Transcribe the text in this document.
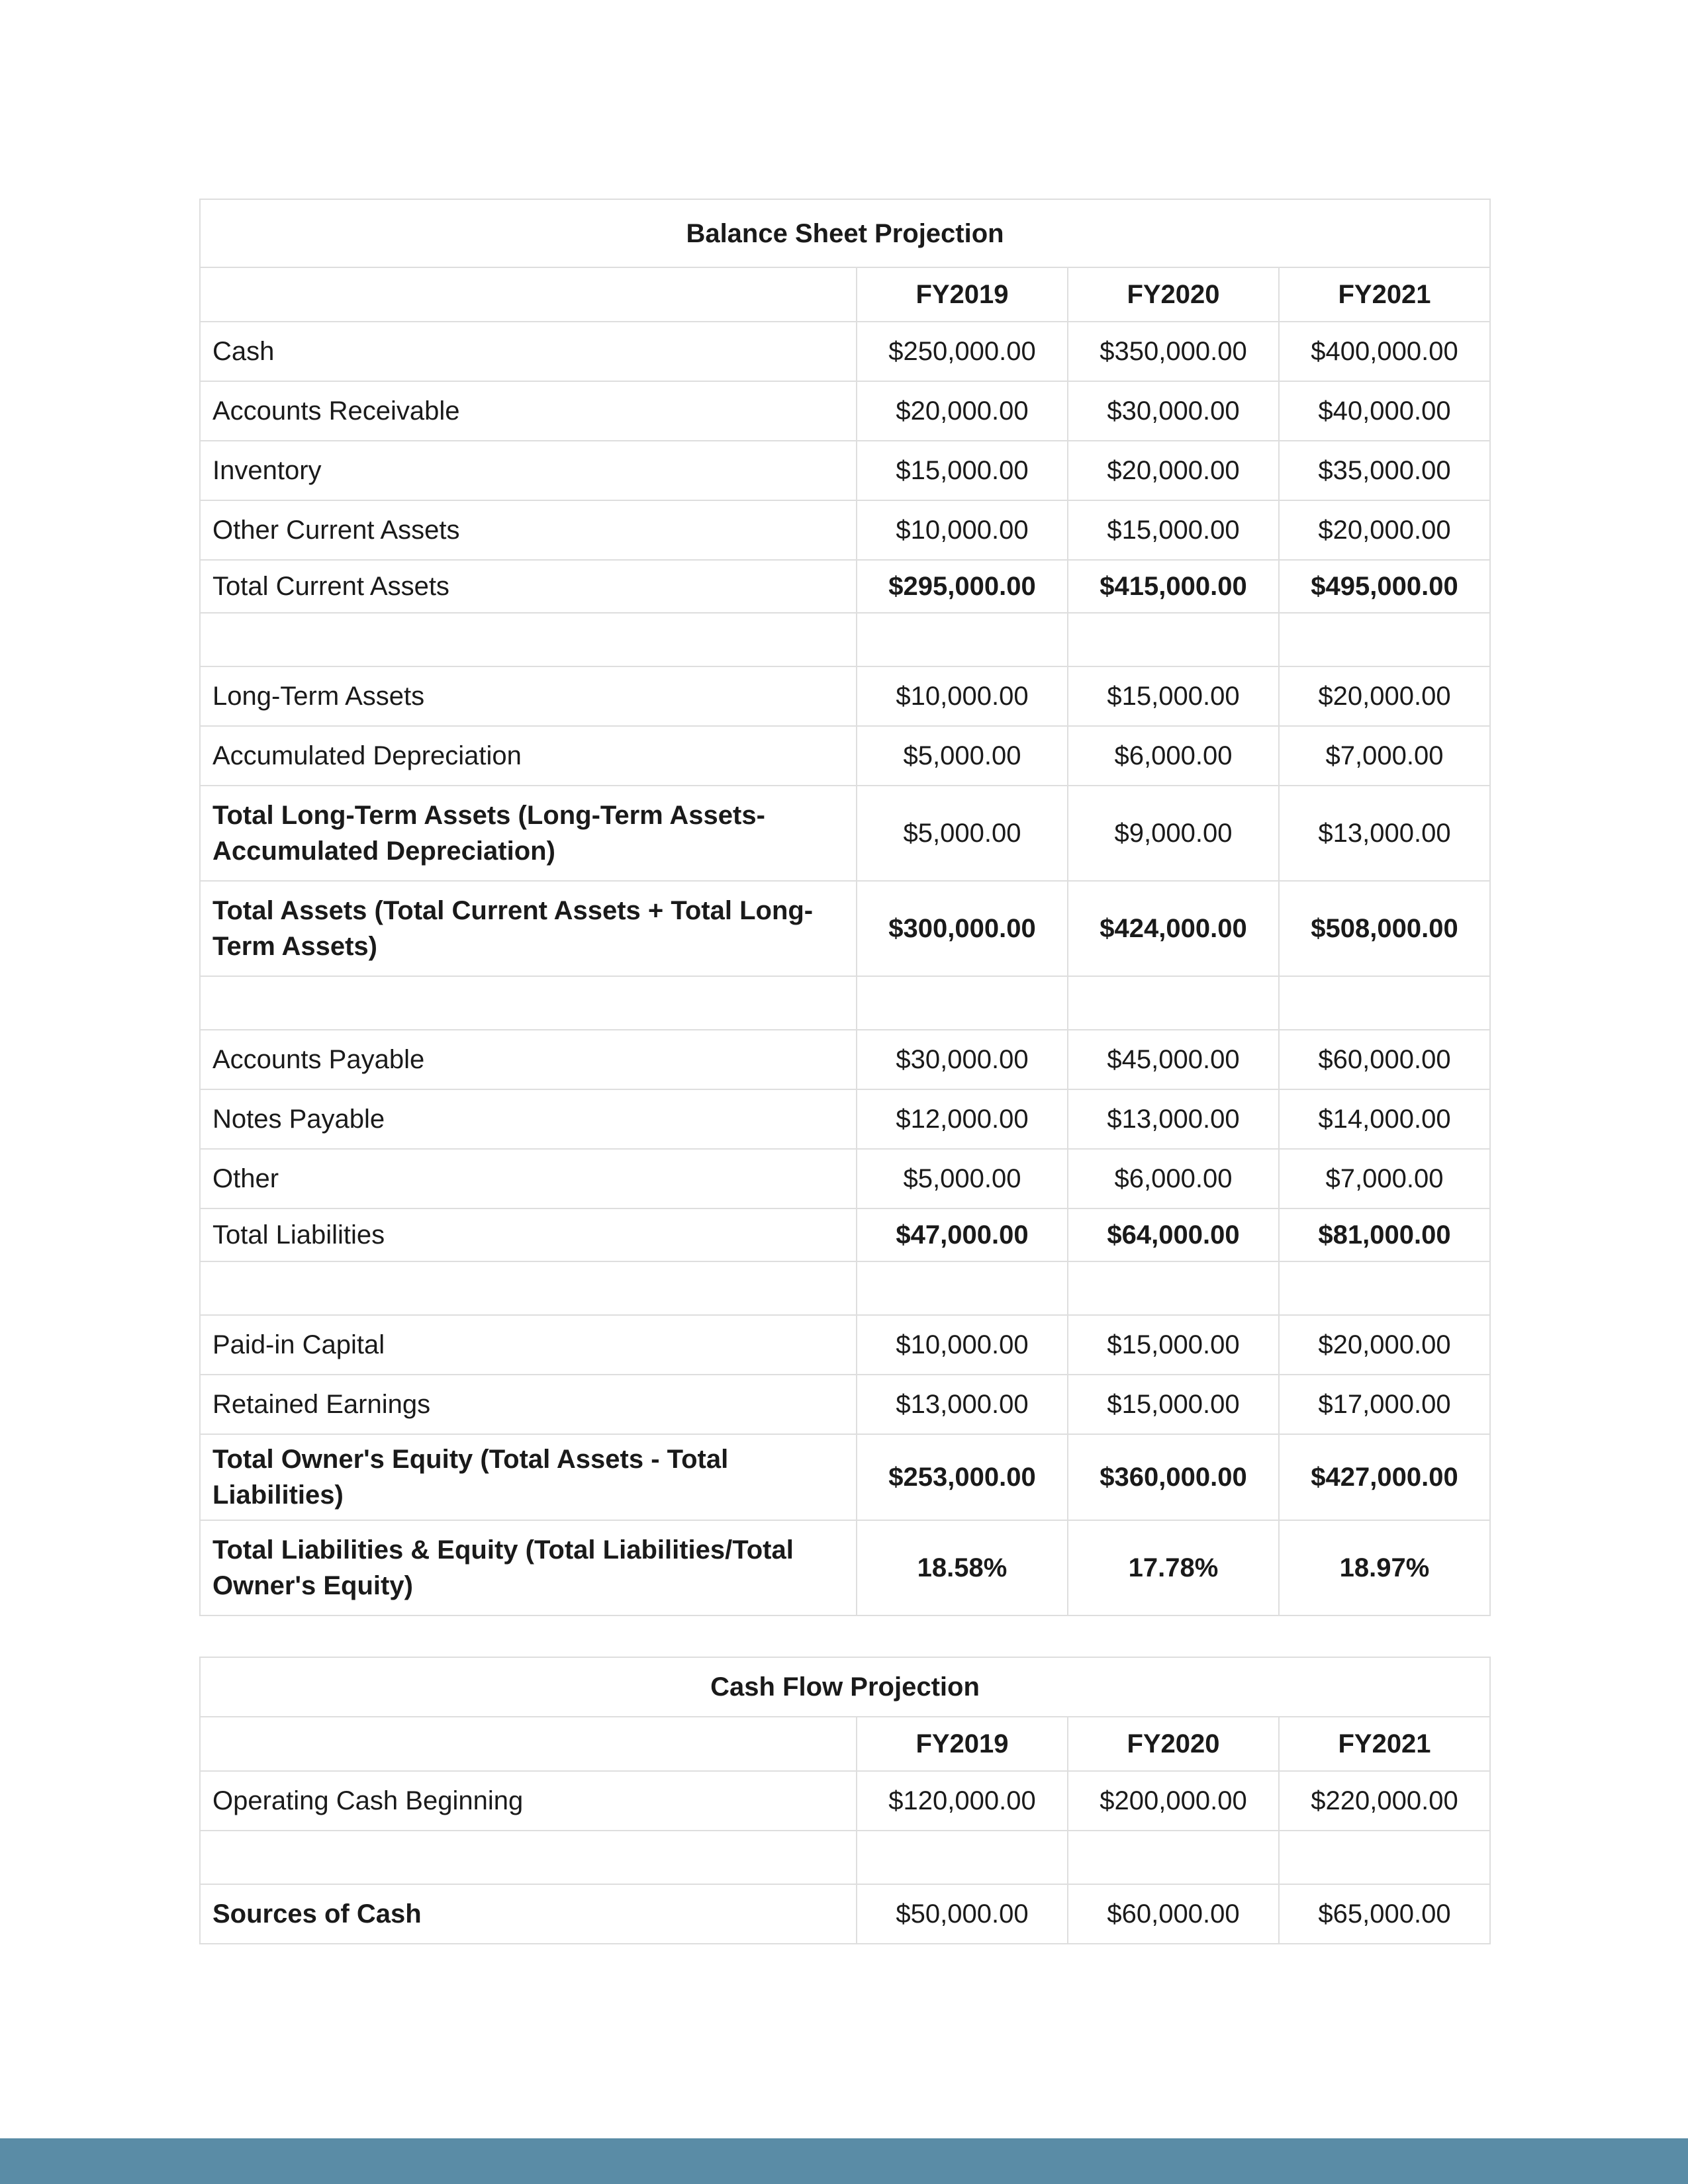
Balance Sheet Projection			
	FY2019	FY2020	FY2021
Cash	$250,000.00	$350,000.00	$400,000.00
Accounts Receivable	$20,000.00	$30,000.00	$40,000.00
Inventory	$15,000.00	$20,000.00	$35,000.00
Other Current Assets	$10,000.00	$15,000.00	$20,000.00
Total Current Assets	$295,000.00	$415,000.00	$495,000.00

Long-Term Assets	$10,000.00	$15,000.00	$20,000.00
Accumulated Depreciation	$5,000.00	$6,000.00	$7,000.00
Total Long-Term Assets (Long-Term Assets-Accumulated Depreciation)	$5,000.00	$9,000.00	$13,000.00
Total Assets (Total Current Assets + Total Long-Term Assets)	$300,000.00	$424,000.00	$508,000.00

Accounts Payable	$30,000.00	$45,000.00	$60,000.00
Notes Payable	$12,000.00	$13,000.00	$14,000.00
Other	$5,000.00	$6,000.00	$7,000.00
Total Liabilities	$47,000.00	$64,000.00	$81,000.00

Paid-in Capital	$10,000.00	$15,000.00	$20,000.00
Retained Earnings	$13,000.00	$15,000.00	$17,000.00
Total Owner's Equity (Total Assets - Total Liabilities)	$253,000.00	$360,000.00	$427,000.00
Total Liabilities & Equity (Total Liabilities/Total Owner's Equity)	18.58%	17.78%	18.97%
Cash Flow Projection			
	FY2019	FY2020	FY2021
Operating Cash Beginning	$120,000.00	$200,000.00	$220,000.00

Sources of Cash	$50,000.00	$60,000.00	$65,000.00
